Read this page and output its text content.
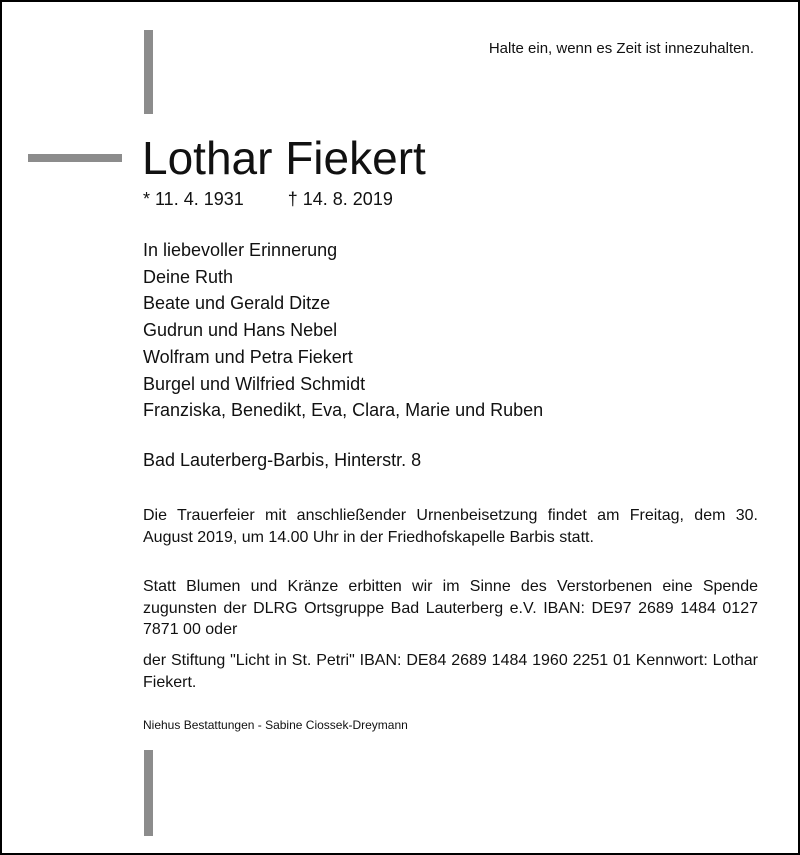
Halte ein, wenn es Zeit ist innezuhalten.
Lothar Fiekert
* 11. 4. 1931 † 14. 8. 2019
In liebevoller Erinnerung
Deine Ruth
Beate und Gerald Ditze
Gudrun und Hans Nebel
Wolfram und Petra Fiekert
Burgel und Wilfried Schmidt
Franziska, Benedikt, Eva, Clara, Marie und Ruben
Bad Lauterberg-Barbis, Hinterstr. 8

Die Trauerfeier mit anschließender Urnenbeisetzung findet am Freitag, dem 30. August 2019, um 14.00 Uhr in der Friedhofskapelle Barbis statt.

Statt Blumen und Kränze erbitten wir im Sinne des Verstorbenen eine Spende zugunsten der DLRG Ortsgruppe Bad Lauterberg e.V. IBAN: DE97 2689 1484 0127 7871 00 oder

der Stiftung "Licht in St. Petri" IBAN: DE84 2689 1484 1960 2251 01 Kennwort: Lothar Fiekert.

Niehus Bestattungen - Sabine Ciossek-Dreymann
